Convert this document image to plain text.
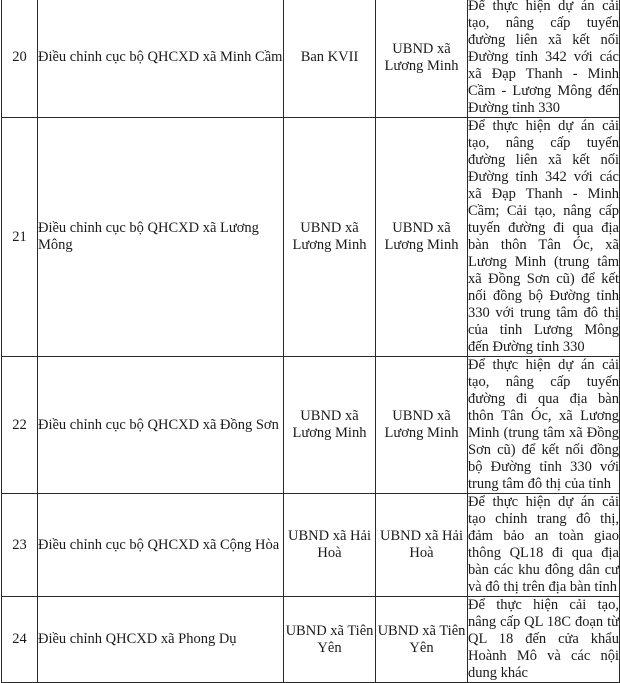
20	Điều chỉnh cục bộ QHCXD xã Minh Cầm	Ban KVII	UBND xã Lương Minh	Để thực hiện dự án cải tạo, nâng cấp tuyến đường liên xã kết nối Đường tỉnh 342 với các xã Đạp Thanh - Minh Cầm - Lương Mông đến Đường tỉnh 330
21	Điều chỉnh cục bộ QHCXD xã Lương Mông	UBND xã Lương Minh	UBND xã Lương Minh	Để thực hiện dự án cải tạo, nâng cấp tuyến đường liên xã kết nối Đường tỉnh 342 với các xã Đạp Thanh - Minh Cầm; Cải tạo, nâng cấp tuyến đường đi qua địa bàn thôn Tân Óc, xã Lương Minh (trung tâm xã Đồng Sơn cũ) để kết nối đồng bộ Đường tỉnh 330 với trung tâm đô thị của tỉnh Lương Mông đến Đường tỉnh 330
22	Điều chỉnh cục bộ QHCXD xã Đồng Sơn	UBND xã Lương Minh	UBND xã Lương Minh	Để thực hiện dự án cải tạo, nâng cấp tuyến đường đi qua địa bàn thôn Tân Óc, xã Lương Minh (trung tâm xã Đồng Sơn cũ) để kết nối đồng bộ Đường tỉnh 330 với trung tâm đô thị của tỉnh
23	Điều chỉnh cục bộ QHCXD xã Cộng Hòa	UBND xã Hải Hoà	UBND xã Hải Hoà	Để thực hiện dự án cải tạo chỉnh trang đô thị, đảm bảo an toàn giao thông QL18 đi qua địa bàn các khu đông dân cư và đô thị trên địa bàn tỉnh
24	Điều chỉnh QHCXD xã Phong Dụ	UBND xã Tiên Yên	UBND xã Tiên Yên	Để thực hiện cải tạo, nâng cấp QL 18C đoạn từ QL 18 đến cửa khẩu Hoành Mô và các nội dung khác
